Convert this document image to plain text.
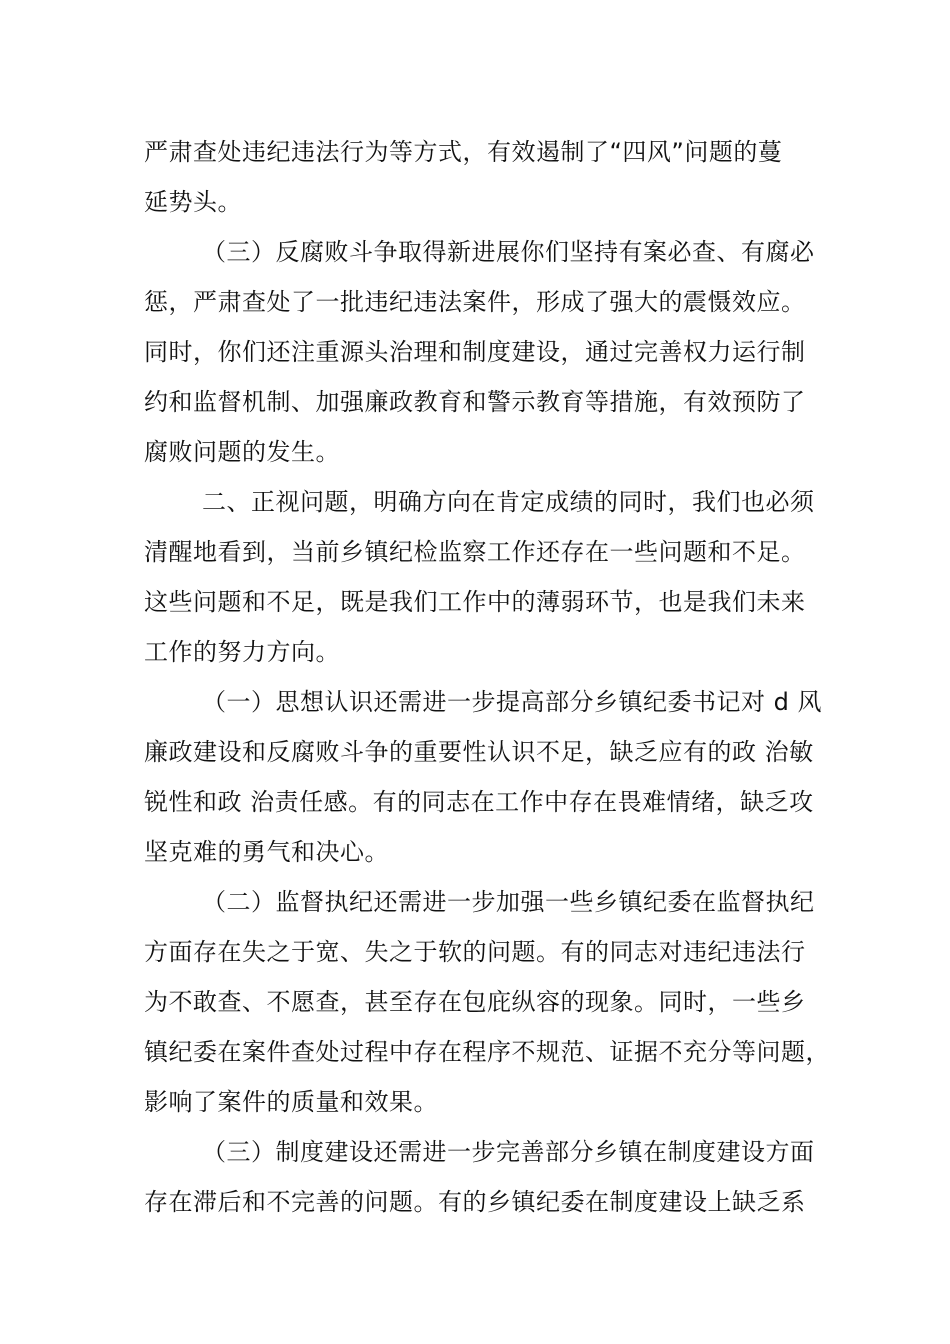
严肃查处违纪违法行为等方式，有效遏制了“四风”问题的蔓
延势头。
（三）反腐败斗争取得新进展你们坚持有案必查、有腐必
惩，严肃查处了一批违纪违法案件，形成了强大的震慑效应。
同时，你们还注重源头治理和制度建设，通过完善权力运行制
约和监督机制、加强廉政教育和警示教育等措施，有效预防了
腐败问题的发生。
二、正视问题，明确方向在肯定成绩的同时，我们也必须
清醒地看到，当前乡镇纪检监察工作还存在一些问题和不足。
这些问题和不足，既是我们工作中的薄弱环节，也是我们未来
工作的努力方向。
（一）思想认识还需进一步提高部分乡镇纪委书记对 d 风
廉政建设和反腐败斗争的重要性认识不足，缺乏应有的政 治敏
锐性和政 治责任感。有的同志在工作中存在畏难情绪，缺乏攻
坚克难的勇气和决心。
（二）监督执纪还需进一步加强一些乡镇纪委在监督执纪
方面存在失之于宽、失之于软的问题。有的同志对违纪违法行
为不敢查、不愿查，甚至存在包庇纵容的现象。同时，一些乡
镇纪委在案件查处过程中存在程序不规范、证据不充分等问题，
影响了案件的质量和效果。
（三）制度建设还需进一步完善部分乡镇在制度建设方面
存在滞后和不完善的问题。有的乡镇纪委在制度建设上缺乏系
